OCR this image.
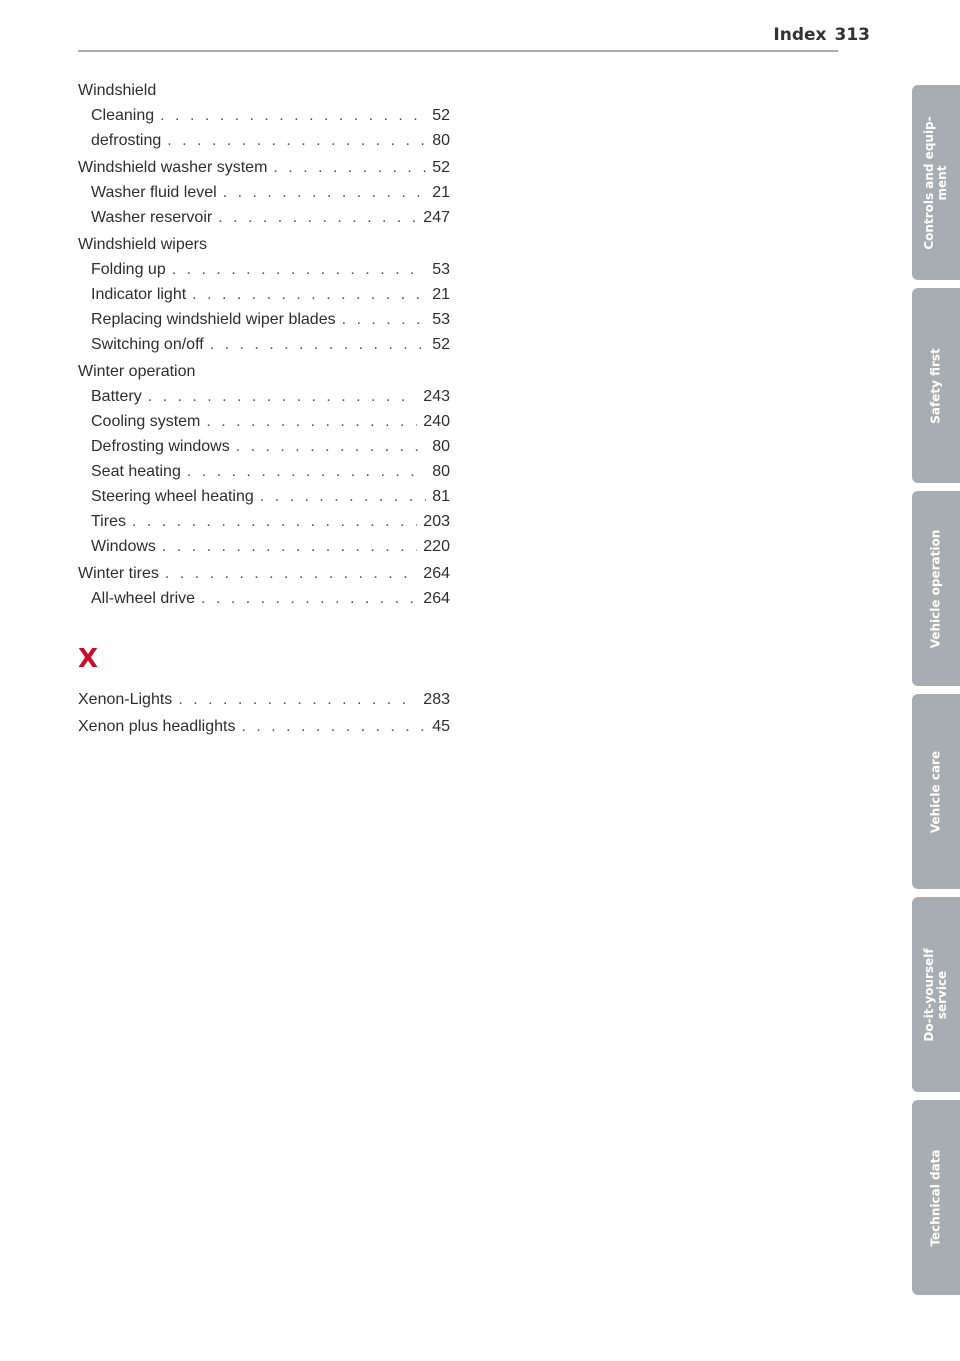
Index 313
Windshield
Cleaning . . .	52
defrosting . . .	80
Windshield washer system . . .	52
Washer fluid level . . .	21
Washer reservoir . . .	247
Windshield wipers
Folding up . . .	53
Indicator light . . .	21
Replacing windshield wiper blades . . .	53
Switching on/off . . .	52
Winter operation
Battery . . .	243
Cooling system . . .	240
Defrosting windows . . .	80
Seat heating . . .	80
Steering wheel heating . . .	81
Tires . . .	203
Windows . . .	220
Winter tires . . .	264
All-wheel drive . . .	264
X
Xenon-Lights . . .	283
Xenon plus headlights . . .	45
Controls and equip-
ment
Safety first
Vehicle operation
Vehicle care
Do-it-yourself
service
Technical data
